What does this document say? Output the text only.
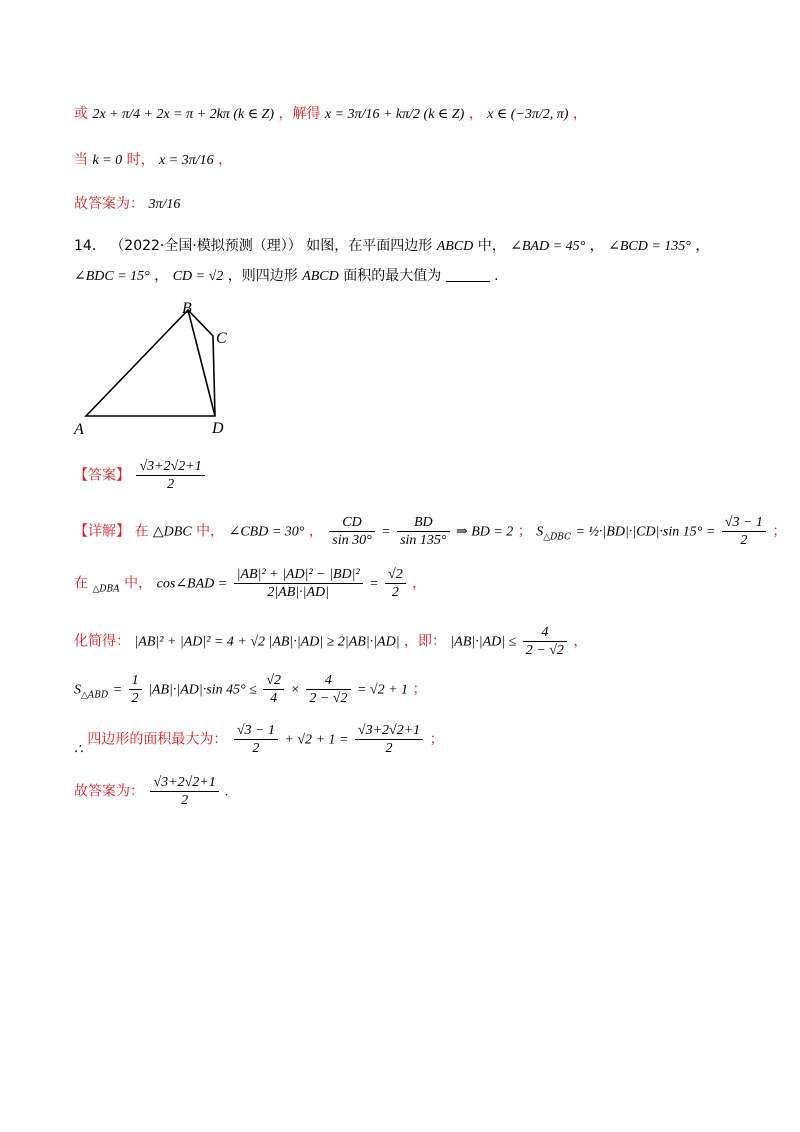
或 2x + π/4 + 2x = π + 2kπ (k ∈ Z) ，解得 x = 3π/16 + kπ/2 (k ∈ Z) ， x ∈ (−3π/2, π) ，
当 k = 0 时， x = 3π/16 ，
故答案为： 3π/16
14． （2022·全国·模拟预测（理）） 如图，在平面四边形 ABCD 中， ∠BAD = 45° ， ∠BCD = 135° ，
∠BDC = 15° ， CD = √2 ，则四边形 ABCD 面积的最大值为	.
B
C
A	D
【答案】 $\frac{√3+2√2+1}{2}$
【详解】 在 △DBC 中， ∠CBD = 30° ， $\frac{CD}{\sin 30^\circ} = \frac{BD}{\sin 135^\circ}$ ⇒ BD = 2 ； $S_{\triangle DBC}$ = ½·|BD|·|CD|·sin $15^\circ = \frac{√3 - 1}{2}$ ；
在 $_{\triangle DBA}$ 中， cos∠BAD = $\frac{\text{|AB|² + |AD|² − |BD|²}}{2|AB|\cdot|AD|} = \frac{√2}{2}$ ，
化简得： |AB|² + |AD|² = 4 + √2 |AB|·|AD| ≥ 2|AB|·|AD| ，即： $|AB|\cdot|AD| \le \frac{4}{2 - √2}$ ，
$S_{\triangle ABD} = \frac{1}{2} |AB|\cdot|AD|\cdot\sin$ $45^\circ \le \frac{√2}{4} \times \frac{4}{2 - √2} = √2 + 1$ ；
∴ 四边形的面积最大为： $\frac{√3 - 1}{2} + √2 + 1 = \frac{√3+2√2+1}{2}$ ；
故答案为： $\frac{√3+2√2+1}{2}$ .
